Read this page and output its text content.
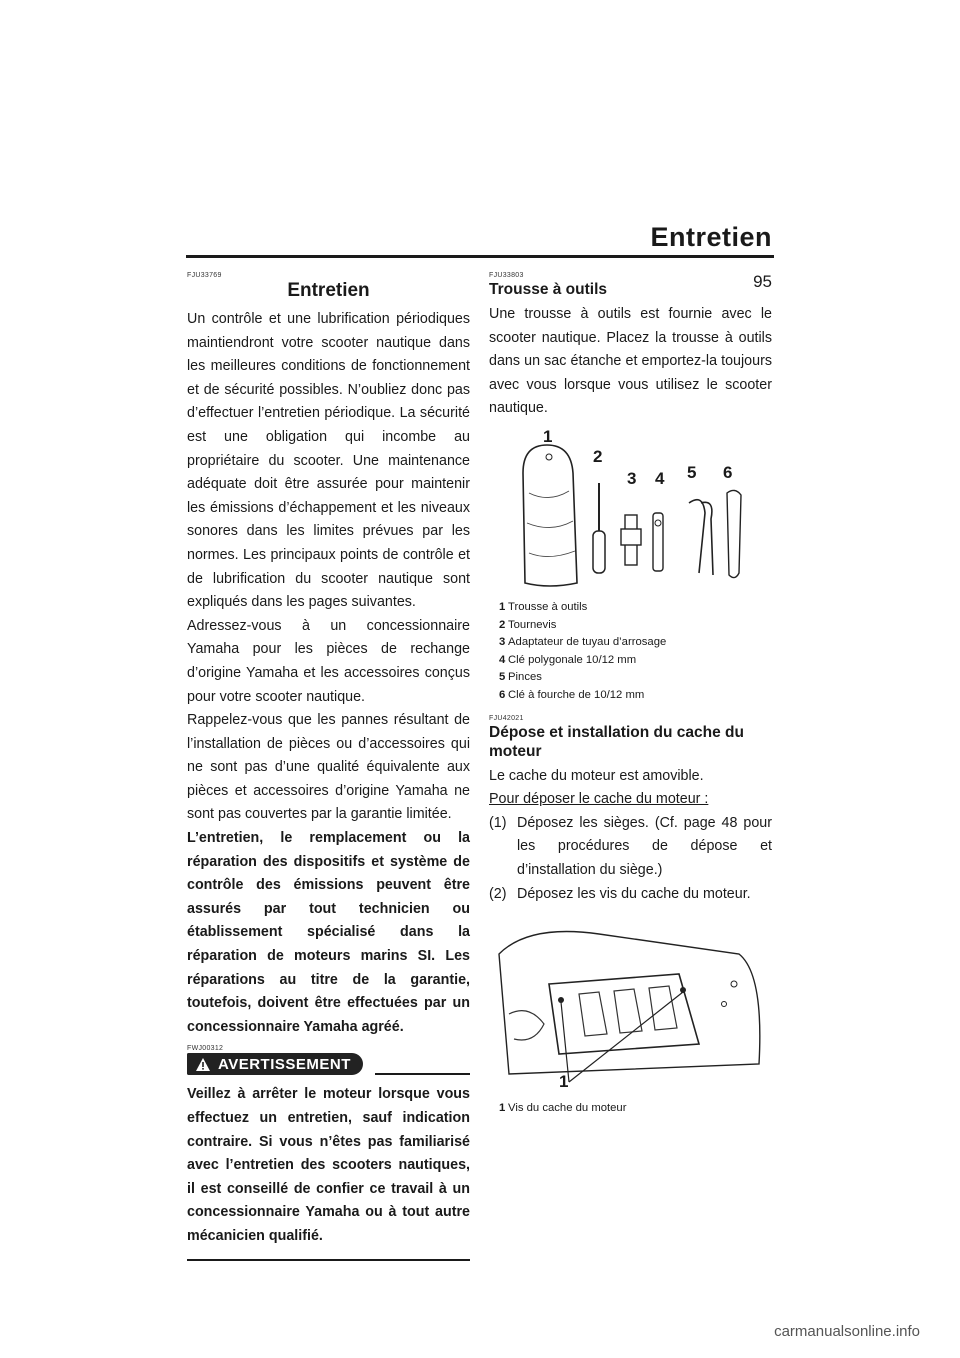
Entretien
95
FJU33769
Entretien

Un contrôle et une lubrification périodiques maintiendront votre scooter nautique dans les meilleures conditions de fonctionnement et de sécurité possibles. N’oubliez donc pas d’effectuer l’entretien périodique. La sécurité est une obligation qui incombe au propriétaire du scooter. Une maintenance adéquate doit être assurée pour maintenir les émissions d’échappement et les niveaux sonores dans les limites prévues par les normes. Les principaux points de contrôle et de lubrification du scooter nautique sont expliqués dans les pages suivantes.

Adressez-vous à un concessionnaire Yamaha pour les pièces de rechange d’origine Yamaha et les accessoires conçus pour votre scooter nautique.

Rappelez-vous que les pannes résultant de l’installation de pièces ou d’accessoires qui ne sont pas d’une qualité équivalente aux pièces et accessoires d’origine Yamaha ne sont pas couvertes par la garantie limitée.

L’entretien, le remplacement ou la réparation des dispositifs et système de contrôle des émissions peuvent être assurés par tout technicien ou établissement spécialisé dans la réparation de moteurs marins SI. Les réparations au titre de la garantie, toutefois, doivent être effectuées par un concessionnaire Yamaha agréé.

FWJ00312
AVERTISSEMENT

Veillez à arrêter le moteur lorsque vous effectuez un entretien, sauf indication contraire. Si vous n’êtes pas familiarisé avec l’entretien des scooters nautiques, il est conseillé de confier ce travail à un concessionnaire Yamaha ou à tout autre mécanicien qualifié.

FJU33803
Trousse à outils

Une trousse à outils est fournie avec le scooter nautique. Placez la trousse à outils dans un sac étanche et emportez-la toujours avec vous lorsque vous utilisez le scooter nautique.

1
2
3 4 5 6
1 Trousse à outils
2 Tournevis
3 Adaptateur de tuyau d’arrosage
4 Clé polygonale 10/12 mm
5 Pinces
6 Clé à fourche de 10/12 mm
FJU42021
Dépose et installation du cache du moteur

Le cache du moteur est amovible.

Pour déposer le cache du moteur :

(1) Déposez les sièges. (Cf. page 48 pour les procédures de dépose et d’installation du siège.)
(2) Déposez les vis du cache du moteur.
1
1 Vis du cache du moteur
carmanualsonline.info
